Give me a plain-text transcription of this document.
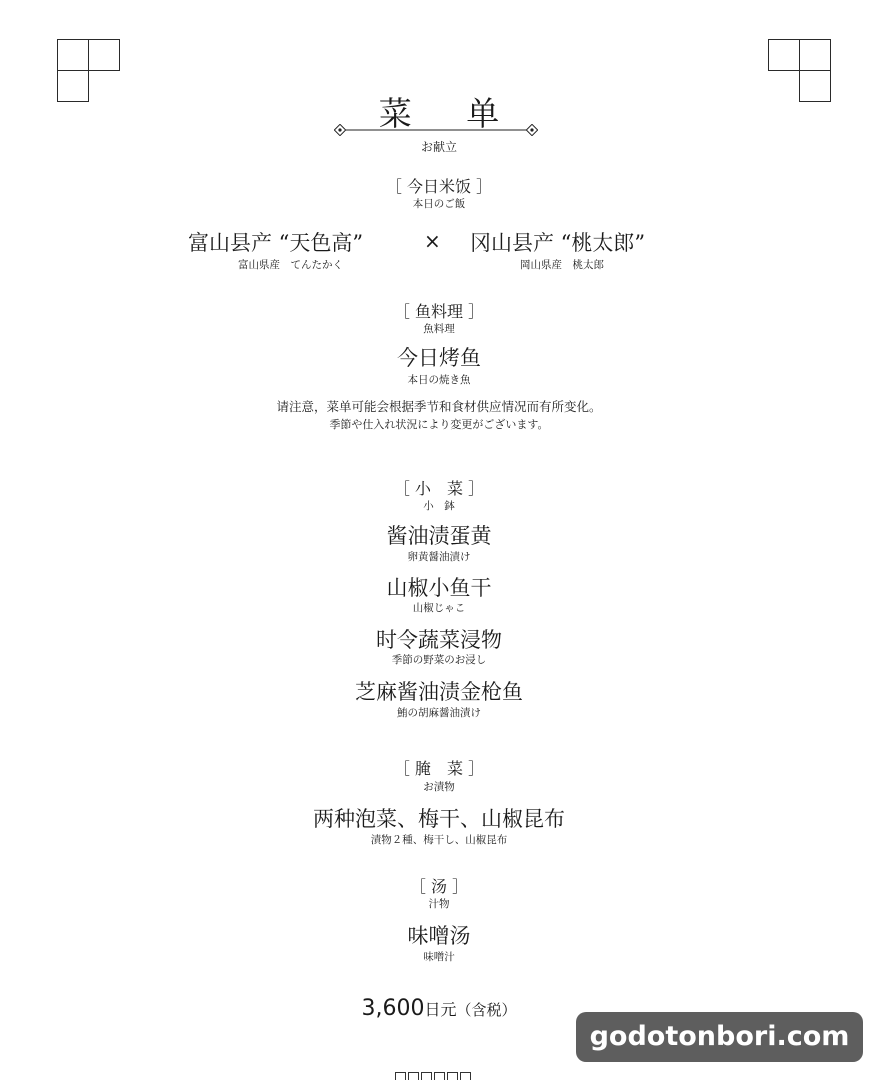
菜 单
お献立
［ 今日米饭 ］
本日のご飯
富山县产 “天色高”
富山県産　てんたかく
× 冈山县产 “桃太郎”
岡山県産　桃太郎
［ 鱼料理 ］
魚料理
今日烤鱼
本日の焼き魚
请注意，菜单可能会根据季节和食材供应情况而有所变化。
季節や仕入れ状況により変更がございます。
［ 小　菜 ］
小　鉢
酱油渍蛋黄
卵黄醤油漬け
山椒小鱼干
山椒じゃこ
时令蔬菜浸物
季節の野菜のお浸し
芝麻酱油渍金枪鱼
鮪の胡麻醤油漬け
［ 腌　菜 ］
お漬物
两种泡菜、梅干、山椒昆布
漬物２種、梅干し、山椒昆布
［ 汤 ］
汁物
味噌汤
味噌汁
3,600日元（含税）
godotonbori.com
